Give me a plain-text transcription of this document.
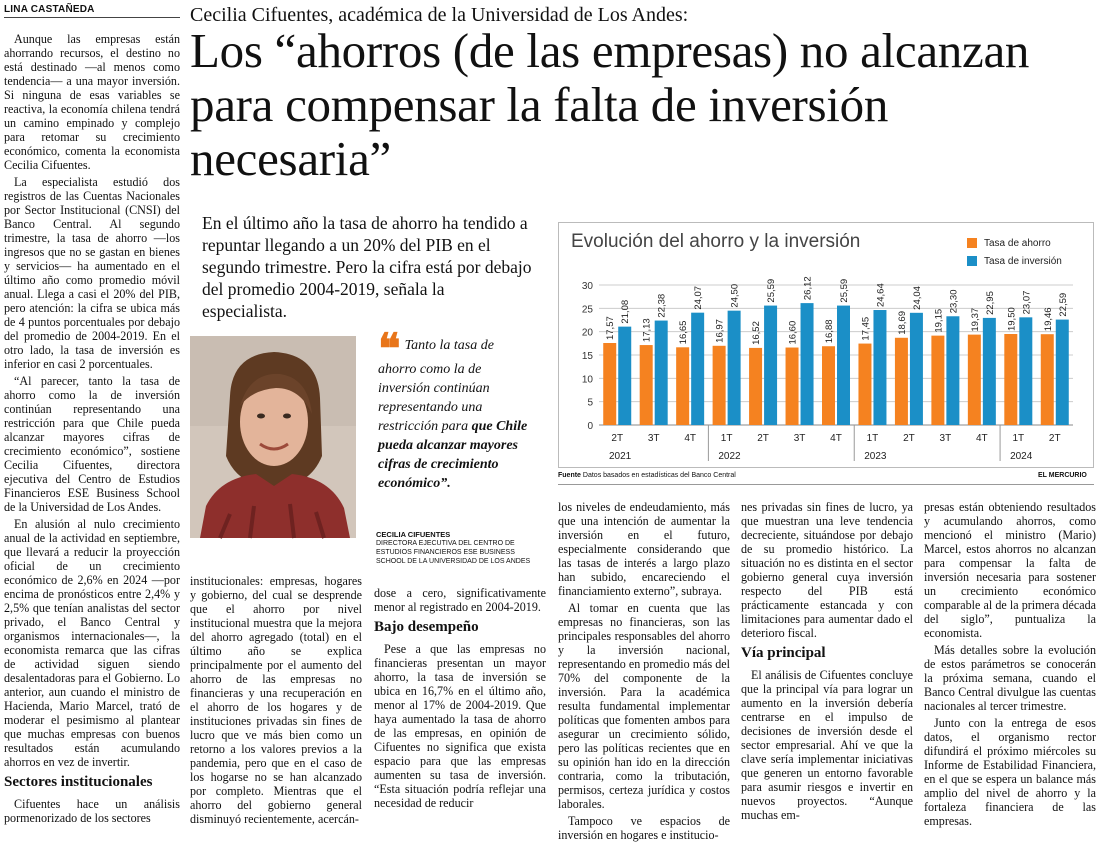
LINA CASTAÑEDA	Cecilia Cifuentes, académica de la Universidad de Los Andes:
Los “ahorros (de las empresas) no alcanzan para compensar la falta de inversión necesaria”

Aunque las empresas están ahorrando recursos, el destino no está destinado —al menos como tendencia— a una mayor inversión. Si ninguna de esas variables se reactiva, la economía chilena tendrá un camino empinado y complejo para retomar su crecimiento económico, comenta la economista Cecilia Cifuentes.

La especialista estudió dos registros de las Cuentas Nacionales por Sector Institucional (CNSI) del Banco Central. Al segundo trimestre, la tasa de ahorro —los ingresos que no se gastan en bienes y servicios— ha aumentado en el último año como promedio móvil anual. Llega a casi el 20% del PIB, pero atención: la cifra se ubica más de 4 puntos porcentuales por debajo del promedio de 2004-2019. En el otro lado, la tasa de inversión es inferior en casi 2 porcentuales.

“Al parecer, tanto la tasa de ahorro como la de inversión continúan representando una restricción para que Chile pueda alcanzar mayores cifras de crecimiento económico”, sostiene Cecilia Cifuentes, directora ejecutiva del Centro de Estudios Financieros ESE Business School de la Universidad de Los Andes.

En alusión al nulo crecimiento anual de la actividad en septiembre, que llevará a reducir la proyección oficial de un crecimiento económico de 2,6% en 2024 —por encima de pronósticos entre 2,4% y 2,5% que tenían analistas del sector privado, el Banco Central y organismos internacionales—, la economista remarca que las cifras de actividad siguen siendo desalentadoras para el Gobierno. Lo anterior, aun cuando el ministro de Hacienda, Mario Marcel, trató de moderar el pesimismo al plantear que muchas empresas con buenos resultados están acumulando ahorros en vez de invertir.

Sectores institucionales

Cifuentes hace un análisis pormenorizado de los sectores

En el último año la tasa de ahorro ha tendido a repuntar llegando a un 20% del PIB en el segundo trimestre. Pero la cifra está por debajo del promedio 2004-2019, señala la especialista.
CECILIA CIFUENTES
DIRECTORA EJECUTIVA DEL CENTRO DE ESTUDIOS FINANCIEROS ESE BUSINESS SCHOOL DE LA UNIVERSIDAD DE LOS ANDES
❝ Tanto la tasa de ahorro como la de inversión continúan representando una restricción para que Chile pueda alcanzar mayores cifras de crecimiento económico”.
0
5
10
15
20
25
30
17,57	17,13	16,65	16,97	16,52	16,60	16,88	17,45	18,69	19,15	19,37	19,50	19,46
21,08	22,38	24,07	24,50	25,59	26,12	25,59	24,64	24,04	23,30	22,95	23,07	22,59
2T 3T 4T 1T 2T 3T 4T 1T 2T 3T 4T 1T 2T
2021	2022	2023	2024
Evolución del ahorro y la inversión	Tasa de ahorro
Tasa de inversión
Fuente Datos basados en estadísticas del Banco Central	EL MERCURIO

institucionales: empresas, hogares y gobierno, del cual se desprende que el ahorro por nivel institucional muestra que la mejora del ahorro agregado (total) en el último año se explica principalmente por el aumento del ahorro de las empresas no financieras y una recuperación en el ahorro de los hogares y de instituciones privadas sin fines de lucro que ve más bien como un retorno a los valores previos a la pandemia, pero que en el caso de los hogarse no se han alcanzado por completo. Mientras que el ahorro del gobierno general disminuyó recientemente, acercán-

dose a cero, significativamente menor al registrado en 2004-2019.

Bajo desempeño

Pese a que las empresas no financieras presentan un mayor ahorro, la tasa de inversión se ubica en 16,7% en el último año, menor al 17% de 2004-2019. Que haya aumentado la tasa de ahorro de las empresas, en opinión de Cifuentes no significa que exista espacio para que las empresas aumenten su tasa de inversión. “Esta situación podría reflejar una necesidad de reducir

los niveles de endeudamiento, más que una intención de aumentar la inversión en el futuro, especialmente considerando que las tasas de interés a largo plazo han subido, encareciendo el financiamiento externo”, subraya.

Al tomar en cuenta que las empresas no financieras, son las principales responsables del ahorro y la inversión nacional, representando en promedio más del 70% del componente de la inversión. Para la académica resulta fundamental implementar políticas que fomenten ambos para asegurar un crecimiento sólido, pero las políticas recientes que en su opinión han ido en la dirección contraria, como la tributación, permisos, certeza jurídica y costos laborales.

Tampoco ve espacios de inversión en hogares e institucio-

nes privadas sin fines de lucro, ya que muestran una leve tendencia decreciente, situándose por debajo de su promedio histórico. La situación no es distinta en el sector gobierno general cuya inversión respecto del PIB está prácticamente estancada y con limitaciones para aumentar dado el deterioro fiscal.

Vía principal

El análisis de Cifuentes concluye que la principal vía para lograr un aumento en la inversión debería centrarse en el impulso de decisiones de inversión desde el sector empresarial. Ahí ve que la clave sería implementar iniciativas que generen un entorno favorable para asumir riesgos e invertir en nuevos proyectos. “Aunque muchas em-

presas están obteniendo resultados y acumulando ahorros, como mencionó el ministro (Mario) Marcel, estos ahorros no alcanzan para compensar la falta de inversión necesaria para sostener un crecimiento económico comparable al de la primera década del siglo”, puntualiza la economista.

Más detalles sobre la evolución de estos parámetros se conocerán la próxima semana, cuando el Banco Central divulgue las cuentas nacionales al tercer trimestre.

Junto con la entrega de esos datos, el organismo rector difundirá el próximo miércoles su Informe de Estabilidad Financiera, en el que se espera un balance más amplio del nivel de ahorro y la fortaleza financiera de las empresas.
